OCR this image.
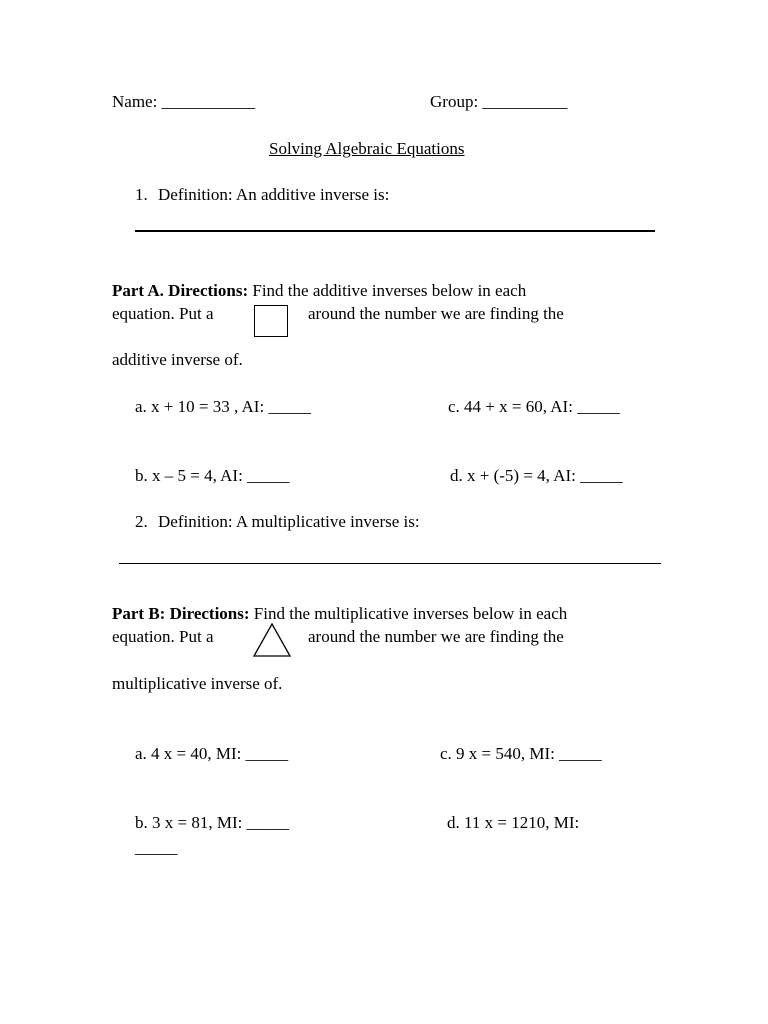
Name: ___________	Group: __________
Solving Algebraic Equations
1. Definition: An additive inverse is:
Part A. Directions: Find the additive inverses below in each
equation. Put a	around the number we are finding the
additive inverse of.
a. x + 10 = 33 , AI: _____	c. 44 + x = 60, AI: _____
b. x – 5 = 4, AI: _____	d. x + (-5) = 4, AI: _____
2. Definition: A multiplicative inverse is:
Part B: Directions: Find the multiplicative inverses below in each
equation. Put a	around the number we are finding the
multiplicative inverse of.
a. 4 x = 40, MI: _____	c. 9 x = 540, MI: _____
b. 3 x = 81, MI: _____	d. 11 x = 1210, MI:
_____
